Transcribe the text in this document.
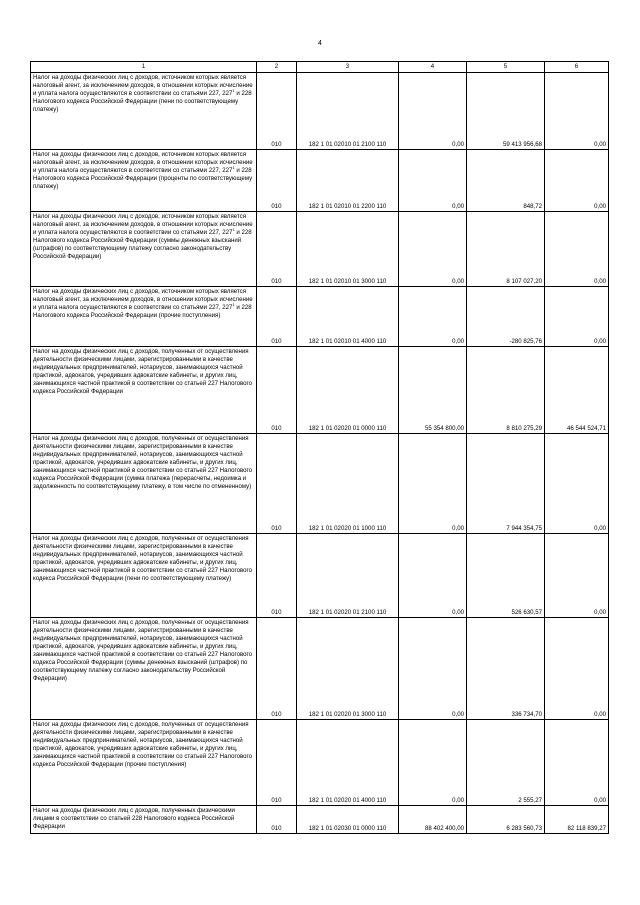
4
1	2	3	4	5	6

Налог на доходы физических лиц с доходов, источником которых является налоговый агент, за исключением доходов, в отношении которых исчисление и уплата налога осуществляются в соответствии со статьями 227, $227^1$ и 228 Налогового кодекса Российской Федерации (пени по соответствующему платежу)	010	182 1 01 02010 01 2100 110	0,00	59 413 956,68	0,00

Налог на доходы физических лиц с доходов, источником которых является налоговый агент, за исключением доходов, в отношении которых исчисление и уплата налога осуществляются в соответствии со статьями 227, $227^1$ и 228 Налогового кодекса Российской Федерации (проценты по соответствующему платежу)	010	182 1 01 02010 01 2200 110	0,00	848,72	0,00

Налог на доходы физических лиц с доходов, источником которых является налоговый агент, за исключением доходов, в отношении которых исчисление и уплата налога осуществляются в соответствии со статьями 227, $227^1$ и 228 Налогового кодекса Российской Федерации (суммы денежных взысканий (штрафов) по соответствующему платежу согласно законодательству Российской Федерации)	010	182 1 01 02010 01 3000 110	0,00	8 107 027,20	0,00

Налог на доходы физических лиц с доходов, источником которых является налоговый агент, за исключением доходов, в отношении которых исчисление и уплата налога осуществляются в соответствии со статьями 227, $227^1$ и 228 Налогового кодекса Российской Федерации (прочие поступления)	010	182 1 01 02010 01 4000 110	0,00	-280 825,76	0,00

Налог на доходы физических лиц с доходов, полученных от осуществления деятельности физическими лицами, зарегистрированными в качестве индивидуальных предпринимателей, нотариусов, занимающихся частной практикой, адвокатов, учредивших адвокатские кабинеты, и других лиц, занимающихся частной практикой в соответствии со статьей 227 Налогового кодекса Российской Федерации	010	182 1 01 02020 01 0000 110	55 354 800,00	8 810 275,29	46 544 524,71

Налог на доходы физических лиц с доходов, полученных от осуществления деятельности физическими лицами, зарегистрированными в качестве индивидуальных предпринимателей, нотариусов, занимающихся частной практикой, адвокатов, учредивших адвокатские кабинеты, и других лиц, занимающихся частной практикой в соответствии со статьей 227 Налогового кодекса Российской Федерации (сумма платежа (перерасчеты, недоимка и задолженность по соответствующему платежу, в том числе по отмененному)	010	182 1 01 02020 01 1000 110	0,00	7 944 354,75	0,00

Налог на доходы физических лиц с доходов, полученных от осуществления деятельности физическими лицами, зарегистрированными в качестве индивидуальных предпринимателей, нотариусов, занимающихся частной практикой, адвокатов, учредивших адвокатские кабинеты, и других лиц, занимающихся частной практикой в соответствии со статьей 227 Налогового кодекса Российской Федерации (пени по соответствующему платежу)	010	182 1 01 02020 01 2100 110	0,00	526 630,57	0,00

Налог на доходы физических лиц с доходов, полученных от осуществления деятельности физическими лицами, зарегистрированными в качестве индивидуальных предпринимателей, нотариусов, занимающихся частной практикой, адвокатов, учредивших адвокатские кабинеты, и других лиц, занимающихся частной практикой в соответствии со статьей 227 Налогового кодекса Российской Федерации (суммы денежных взысканий (штрафов) по соответствующему платежу согласно законодательству Российской Федерации)	010	182 1 01 02020 01 3000 110	0,00	336 734,70	0,00

Налог на доходы физических лиц с доходов, полученных от осуществления деятельности физическими лицами, зарегистрированными в качестве индивидуальных предпринимателей, нотариусов, занимающихся частной практикой, адвокатов, учредивших адвокатские кабинеты, и других лиц, занимающихся частной практикой в соответствии со статьей 227 Налогового кодекса Российской Федерации (прочие поступления)	010	182 1 01 02020 01 4000 110	0,00	2 555,27	0,00

Налог на доходы физических лиц с доходов, полученных физическими лицами в соответствии со статьей 228 Налогового кодекса Российской Федерации	010	182 1 01 02030 01 0000 110	88 402 400,00	6 283 560,73	82 118 839,27
